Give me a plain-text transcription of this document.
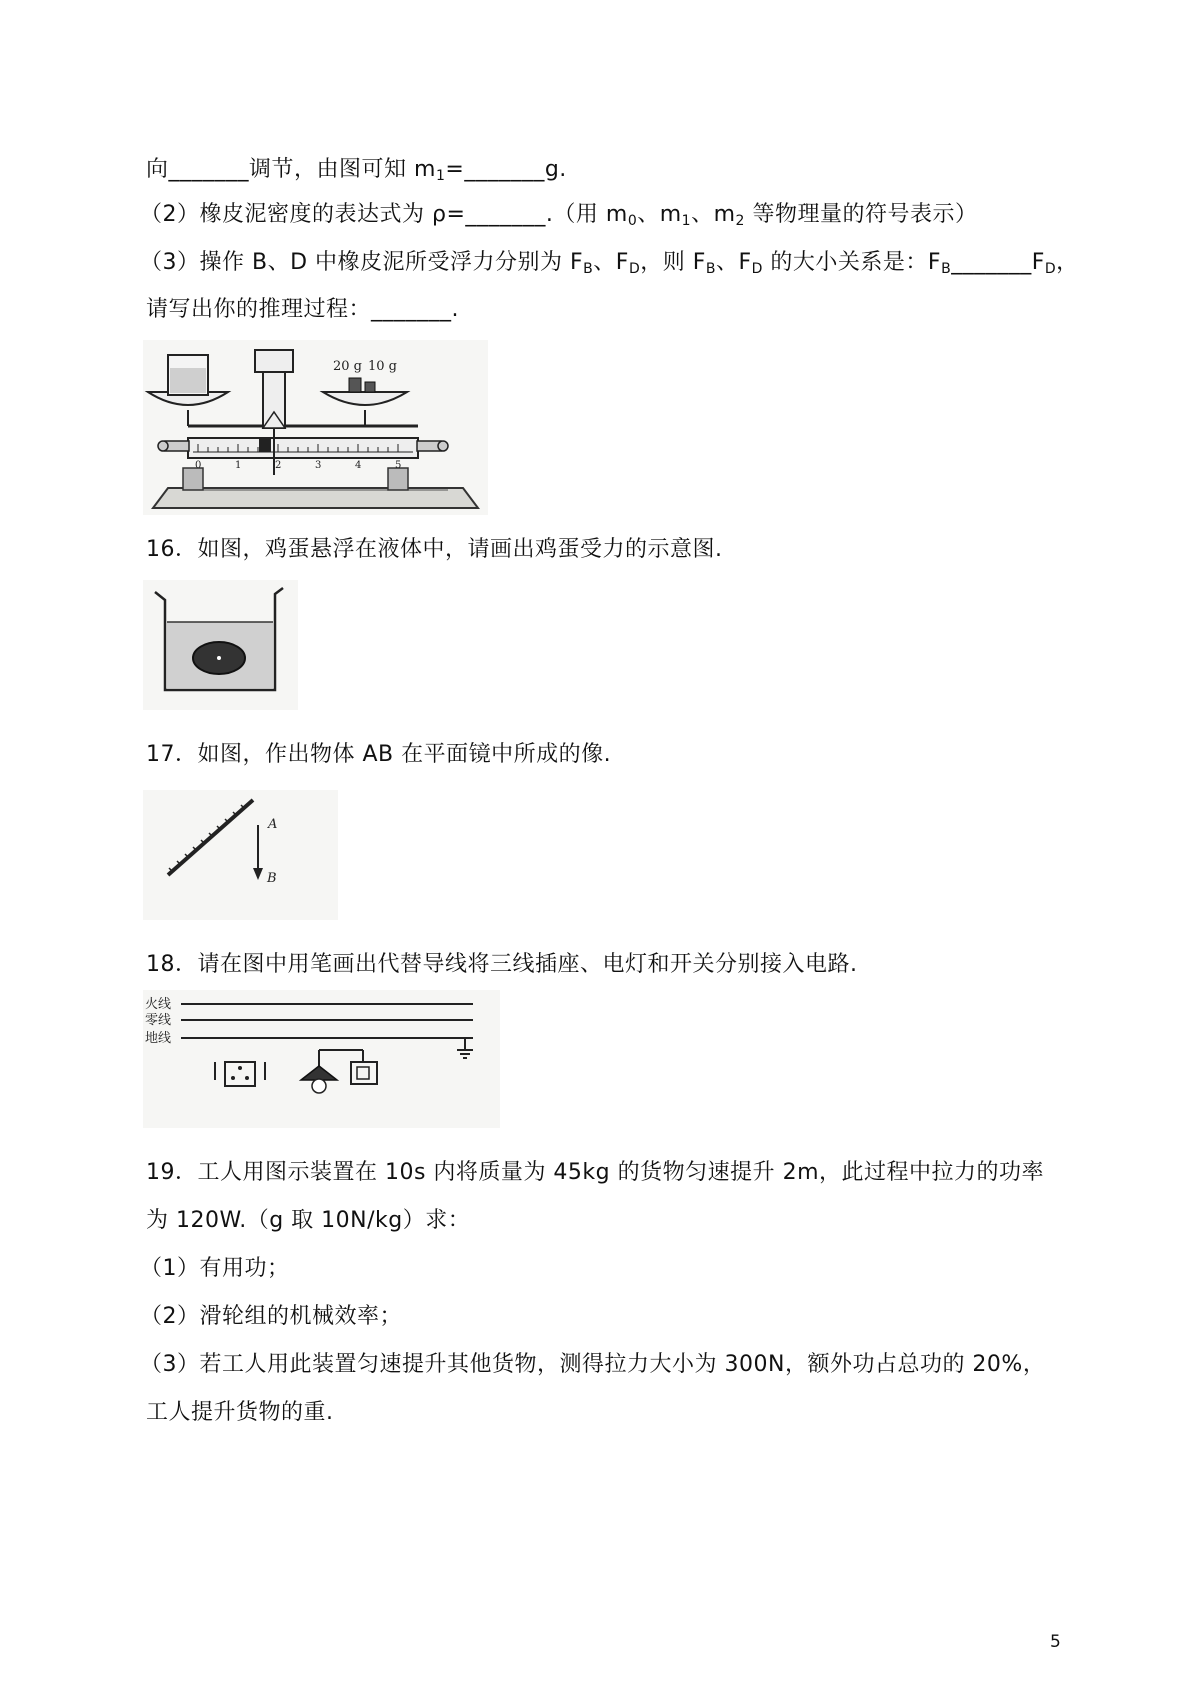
向_______调节，由图可知 $m_1=\_\_\_\_\_\_\_g$.
（2）橡皮泥密度的表达式为 ρ=_______.（用 $m_0$、$m_1$、$m_2$ 等物理量的符号表示）
（3）操作 B、D 中橡皮泥所受浮力分别为 $F_B$、$F_D$，则 $F_B$、$F_D$ 的大小关系是：$F_B\_\_\_\_\_\_\_F_D$，
请写出你的推理过程：_______.
0	1	2	3	4	5
20 g 10 g
16．如图，鸡蛋悬浮在液体中，请画出鸡蛋受力的示意图.
17．如图，作出物体 AB 在平面镜中所成的像.
A
B
18．请在图中用笔画出代替导线将三线插座、电灯和开关分别接入电路.
火线
零线
地线
19．工人用图示装置在 10s 内将质量为 45kg 的货物匀速提升 2m，此过程中拉力的功率
为 120W.（g 取 10N/kg）求：
（1）有用功；
（2）滑轮组的机械效率；
（3）若工人用此装置匀速提升其他货物，测得拉力大小为 300N，额外功占总功的 20%，
工人提升货物的重.
5
